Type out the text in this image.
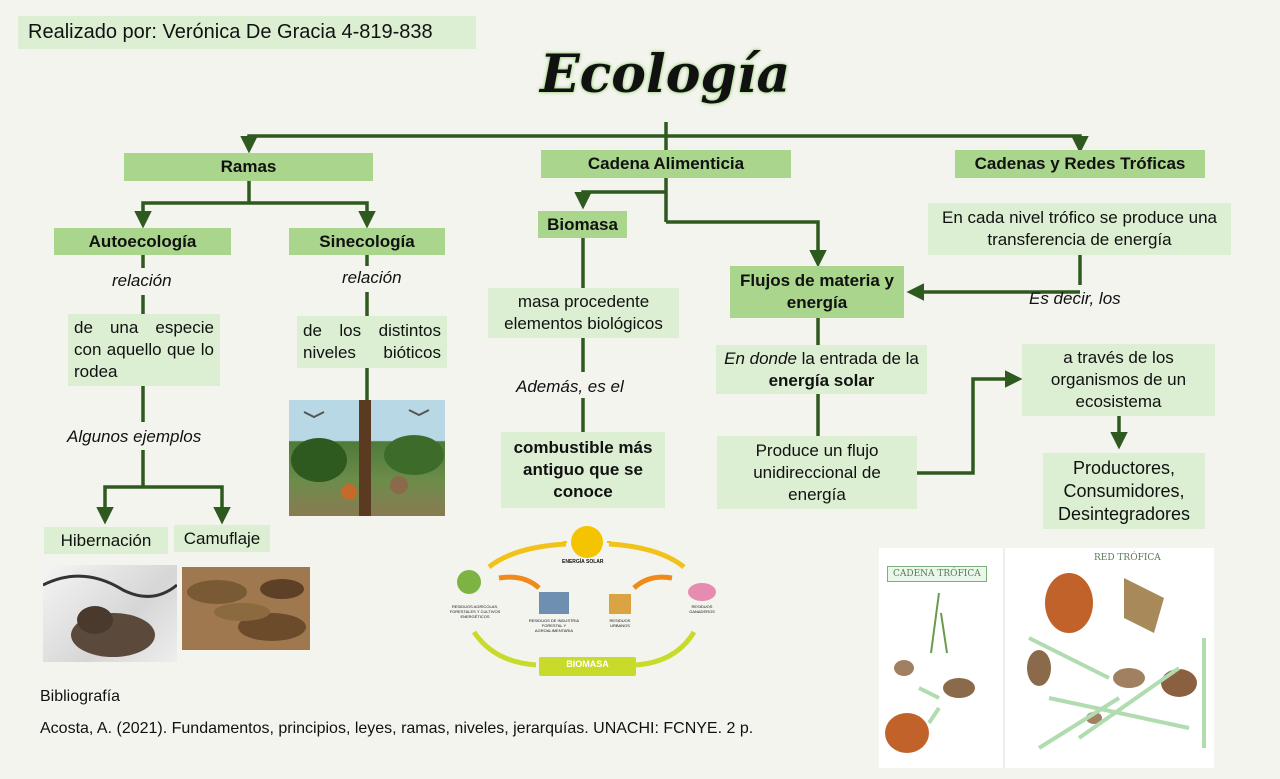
Realizado por: Verónica De Gracia 4-819-838
Ecología
Ramas
Autoecología
relación
de una especie con aquello que lo rodea
Algunos ejemplos
Hibernación	Camuflaje
Sinecología
relación
de los distintos niveles bióticos
Cadena Alimenticia
Biomasa
masa procedente elementos biológicos
Además, es el
combustible más antiguo que se conoce
Flujos de materia y energía
En donde la entrada de la energía solar
Produce un flujo unidireccional de energía
ENERGÍA SOLAR
BIOMASA
RESIDUOS AGRÍCOLAS, FORESTALES Y CULTIVOS ENERGÉTICOS
RESIDUOS DE INDUSTRIA FORESTAL Y AGROALIMENTARIA
RESIDUOS URBANOS
RESIDUOS GANADEROS
Cadenas y Redes Tróficas
En cada nivel trófico se produce una transferencia de energía
Es decir, los
a través de los organismos de un ecosistema
Productores, Consumidores, Desintegradores
CADENA TRÓFICA
RED TRÓFICA
Bibliografía
Acosta, A. (2021). Fundamentos, principios, leyes, ramas, niveles, jerarquías. UNACHI: FCNYE. 2 p.
